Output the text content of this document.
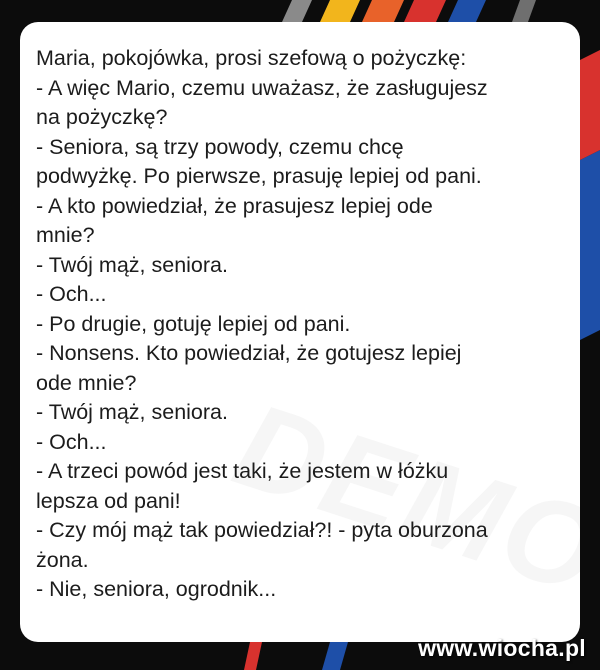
Maria, pokojówka, prosi szefową o pożyczkę:
- A więc Mario, czemu uważasz, że zasługujesz
na pożyczkę?
- Seniora, są trzy powody, czemu chcę
podwyżkę. Po pierwsze, prasuję lepiej od pani.
- A kto powiedział, że prasujesz lepiej ode
mnie?
- Twój mąż, seniora.
- Och...
- Po drugie, gotuję lepiej od pani.
- Nonsens. Kto powiedział, że gotujesz lepiej
ode mnie?
- Twój mąż, seniora.
- Och...
- A trzeci powód jest taki, że jestem w łóżku
lepsza od pani!
- Czy mój mąż tak powiedział?! - pyta oburzona
żona.
- Nie, seniora, ogrodnik...
www.wiocha.pl
